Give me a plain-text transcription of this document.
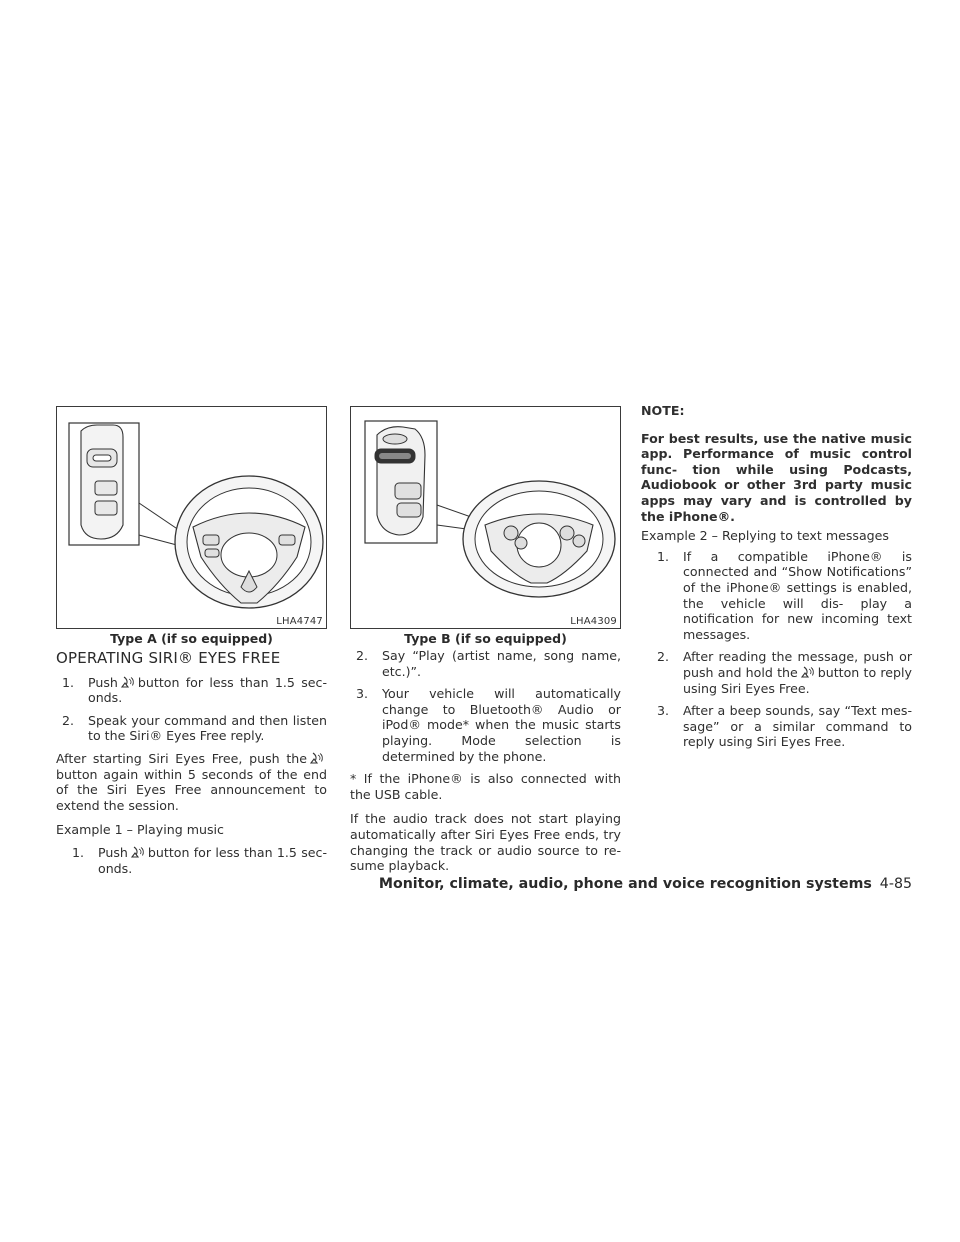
LHA4747
Type A (if so equipped)
LHA4309
Type B (if so equipped)
OPERATING SIRI® EYES FREE
1.	Push button for less than 1.5 sec- onds.
2.	Speak your command and then listen to the Siri® Eyes Free reply.

After starting Siri Eyes Free, push thebutton again within 5 seconds of the end of the Siri Eyes Free announcement to extend the session.

Example 1 – Playing music

1.	Push button for less than 1.5 sec- onds.
2.	Say “Play (artist name, song name, etc.)”.
3.	Your vehicle will automatically change to Bluetooth® Audio or iPod® mode* when the music starts playing. Mode selection is determined by the phone.

* If the iPhone® is also connected with the USB cable.

If the audio track does not start playing automatically after Siri Eyes Free ends, try changing the track or audio source to re- sume playback.

NOTE:

For best results, use the native music app. Performance of music control func- tion while using Podcasts, Audiobook or other 3rd party music apps may vary and is controlled by the iPhone®.

Example 2 – Replying to text messages

1.	If a compatible iPhone® is connected and “Show Notifications” of the iPhone® settings is enabled, the vehicle will dis- play a notification for new incoming text messages.
2.	After reading the message, push or push and hold the button to reply using Siri Eyes Free.
3.	After a beep sounds, say “Text mes- sage” or a similar command to reply using Siri Eyes Free.
Monitor, climate, audio, phone and voice recognition systems 4-85
